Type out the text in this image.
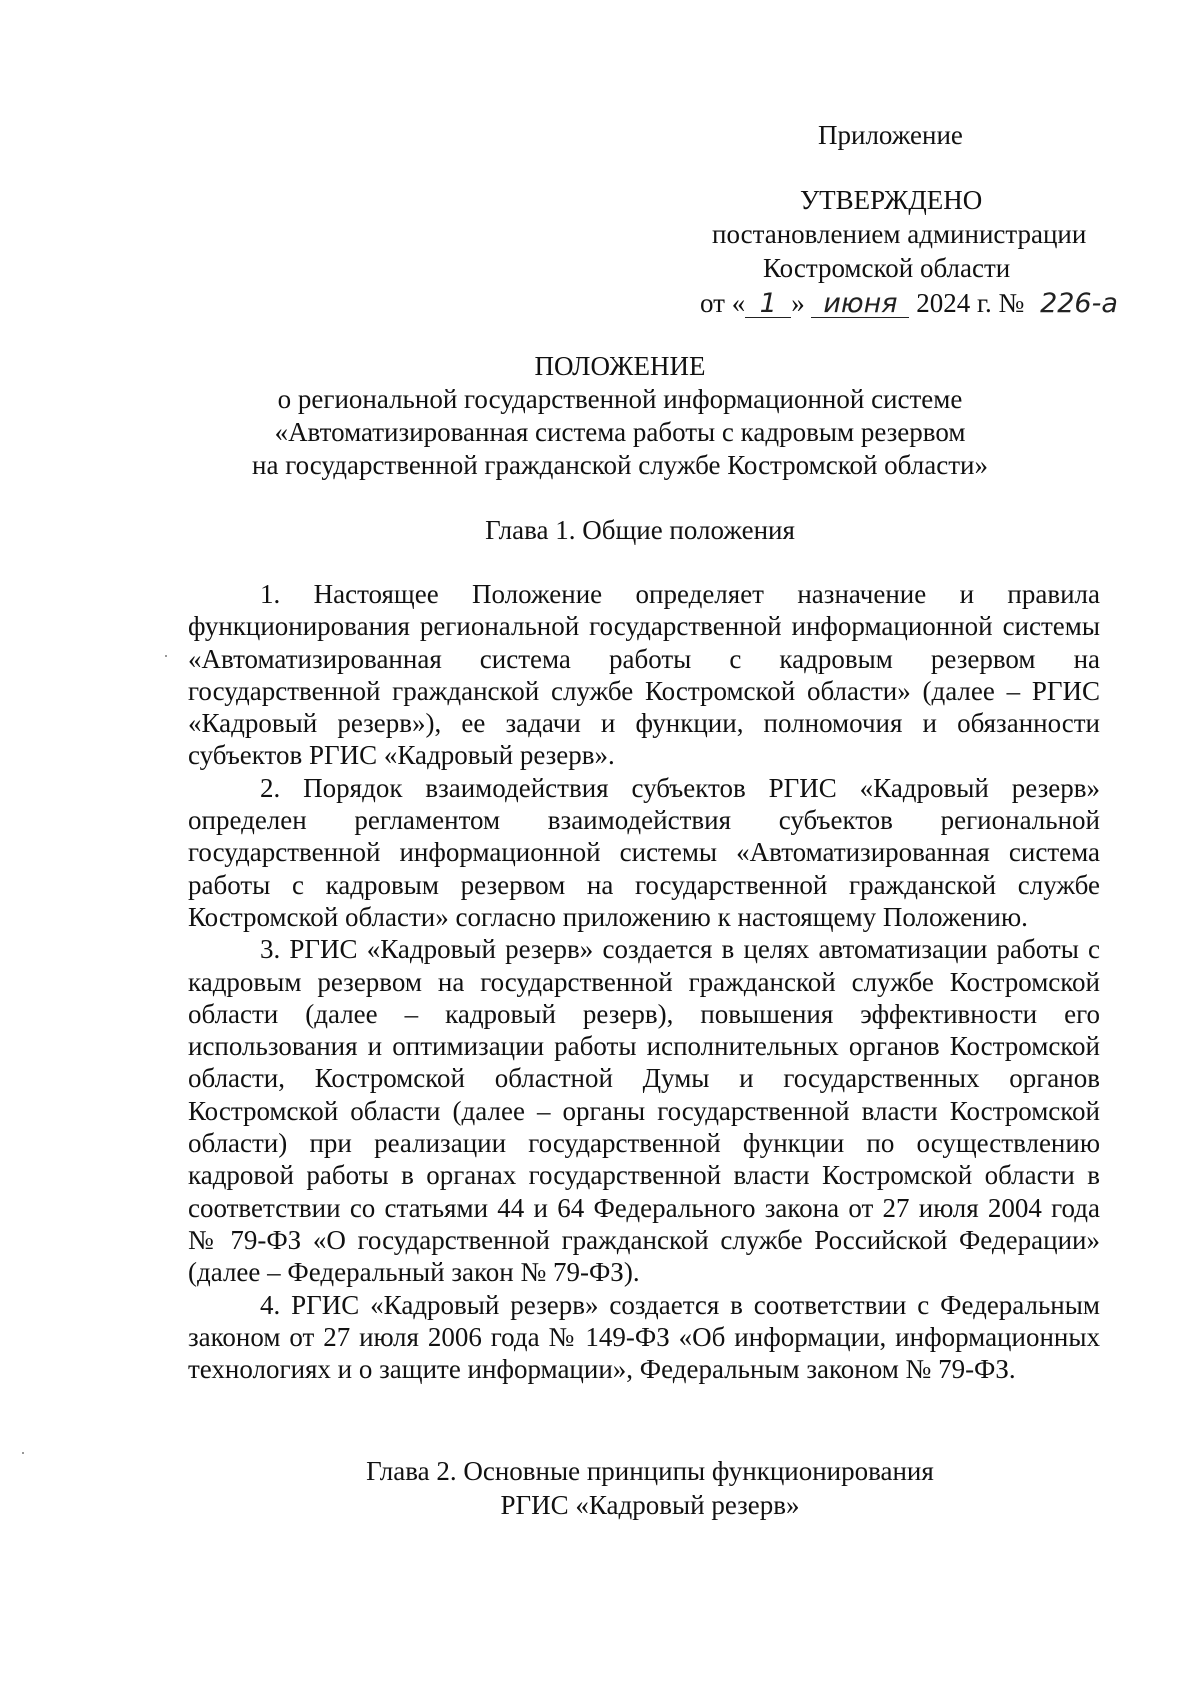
Приложение
УТВЕРЖДЕНО
постановлением администрации
Костромской области
от « 1 » июня 2024 г. № 226-а
ПОЛОЖЕНИЕ
о региональной государственной информационной системе
«Автоматизированная система работы с кадровым резервом
на государственной гражданской службе Костромской области»
Глава 1. Общие положения

1. Настоящее Положение определяет назначение и правила функционирования региональной государственной информационной системы «Автоматизированная система работы с кадровым резервом на государственной гражданской службе Костромской области» (далее – РГИС «Кадровый резерв»), ее задачи и функции, полномочия и обязанности субъектов РГИС «Кадровый резерв».

2. Порядок взаимодействия субъектов РГИС «Кадровый резерв» определен регламентом взаимодействия субъектов региональной государственной информационной системы «Автоматизированная система работы с кадровым резервом на государственной гражданской службе Костромской области» согласно приложению к настоящему Положению.

3. РГИС «Кадровый резерв» создается в целях автоматизации работы с кадровым резервом на государственной гражданской службе Костромской области (далее – кадровый резерв), повышения эффективности его использования и оптимизации работы исполнительных органов Костромской области, Костромской областной Думы и государственных органов Костромской области (далее – органы государственной власти Костромской области) при реализации государственной функции по осуществлению кадровой работы в органах государственной власти Костромской области в соответствии со статьями 44 и 64 Федерального закона от 27 июля 2004 года № 79-ФЗ «О государственной гражданской службе Российской Федерации» (далее – Федеральный закон № 79-ФЗ).

4. РГИС «Кадровый резерв» создается в соответствии с Федеральным законом от 27 июля 2006 года № 149-ФЗ «Об информации, информационных технологиях и о защите информации», Федеральным законом № 79-ФЗ.

Глава 2. Основные принципы функционирования
РГИС «Кадровый резерв»
